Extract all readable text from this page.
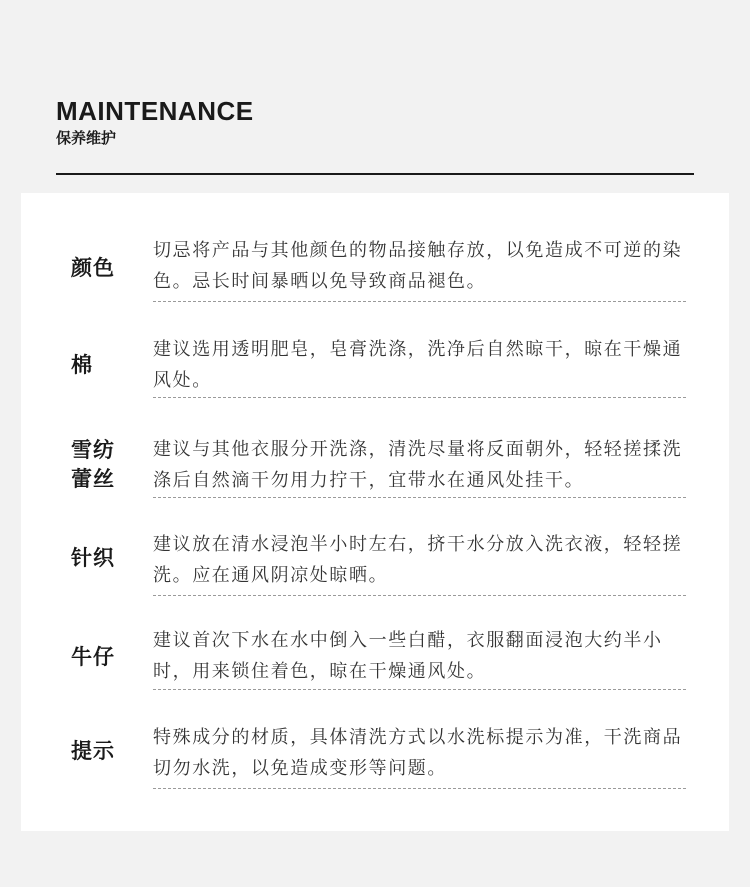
MAINTENANCE
保养维护
颜色
切忌将产品与其他颜色的物品接触存放，以免造成不可逆的染色。忌长时间暴晒以免导致商品褪色。
棉
建议选用透明肥皂，皂膏洗涤，洗净后自然晾干，晾在干燥通风处。
雪纺
蕾丝
建议与其他衣服分开洗涤，清洗尽量将反面朝外，轻轻搓揉洗涤后自然滴干勿用力拧干，宜带水在通风处挂干。
针织
建议放在清水浸泡半小时左右，挤干水分放入洗衣液，轻轻搓洗。应在通风阴凉处晾晒。
牛仔
建议首次下水在水中倒入一些白醋，衣服翻面浸泡大约半小时，用来锁住着色，晾在干燥通风处。
提示
特殊成分的材质，具体清洗方式以水洗标提示为准，干洗商品切勿水洗，以免造成变形等问题。
